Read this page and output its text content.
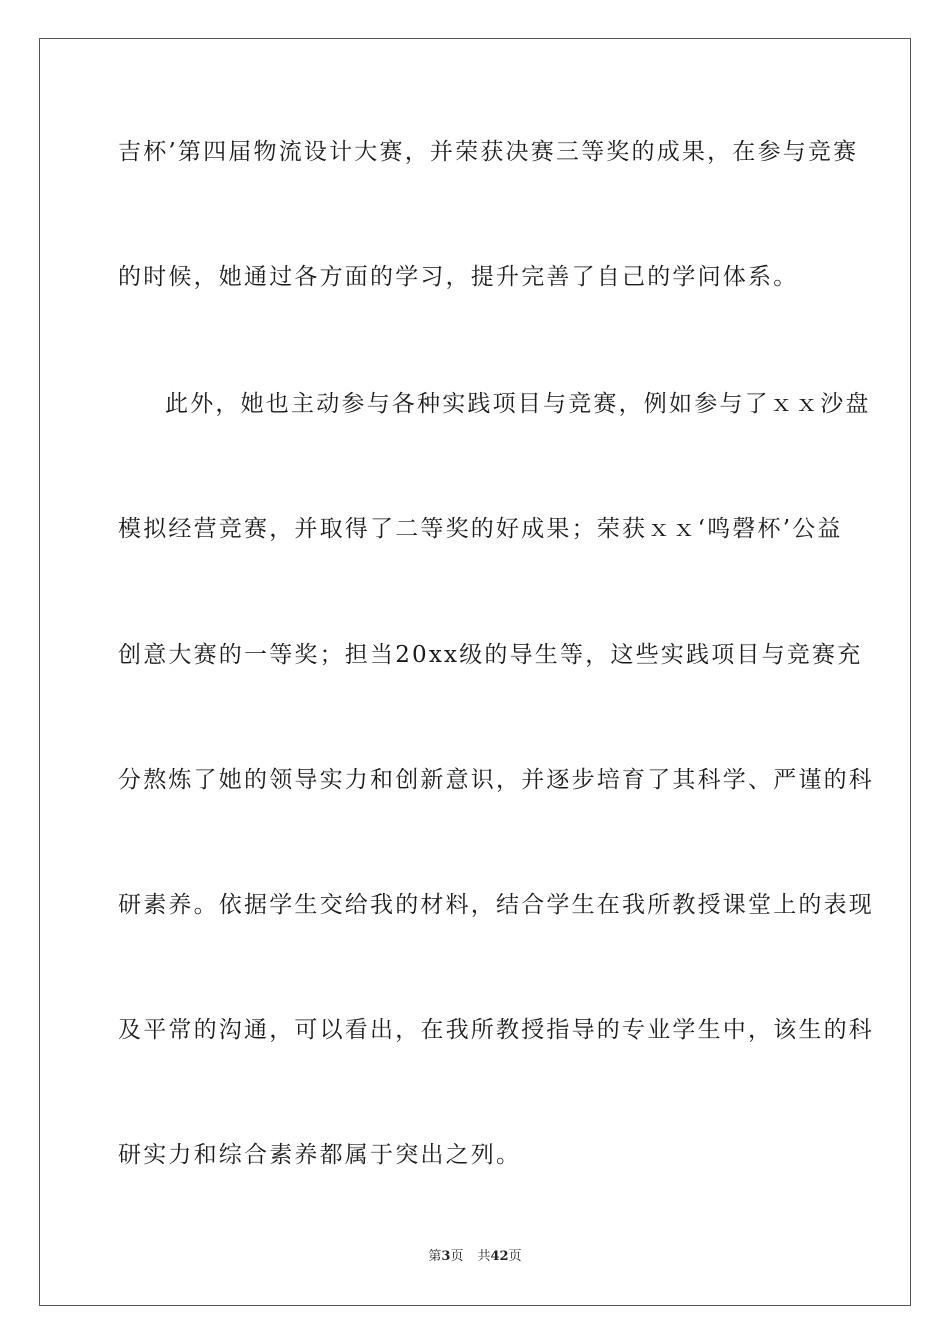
吉杯’第四届物流设计大赛，并荣获决赛三等奖的成果，在参与竞赛
的时候，她通过各方面的学习，提升完善了自己的学问体系。
此外，她也主动参与各种实践项目与竞赛，例如参与了ｘｘ沙盘
模拟经营竞赛，并取得了二等奖的好成果；荣获ｘｘ‘鸣磬杯’公益
创意大赛的一等奖；担当20xx级的导生等，这些实践项目与竞赛充
分熬炼了她的领导实力和创新意识，并逐步培育了其科学、严谨的科
研素养。依据学生交给我的材料，结合学生在我所教授课堂上的表现
及平常的沟通，可以看出，在我所教授指导的专业学生中，该生的科
研实力和综合素养都属于突出之列。
第3页 共42页
